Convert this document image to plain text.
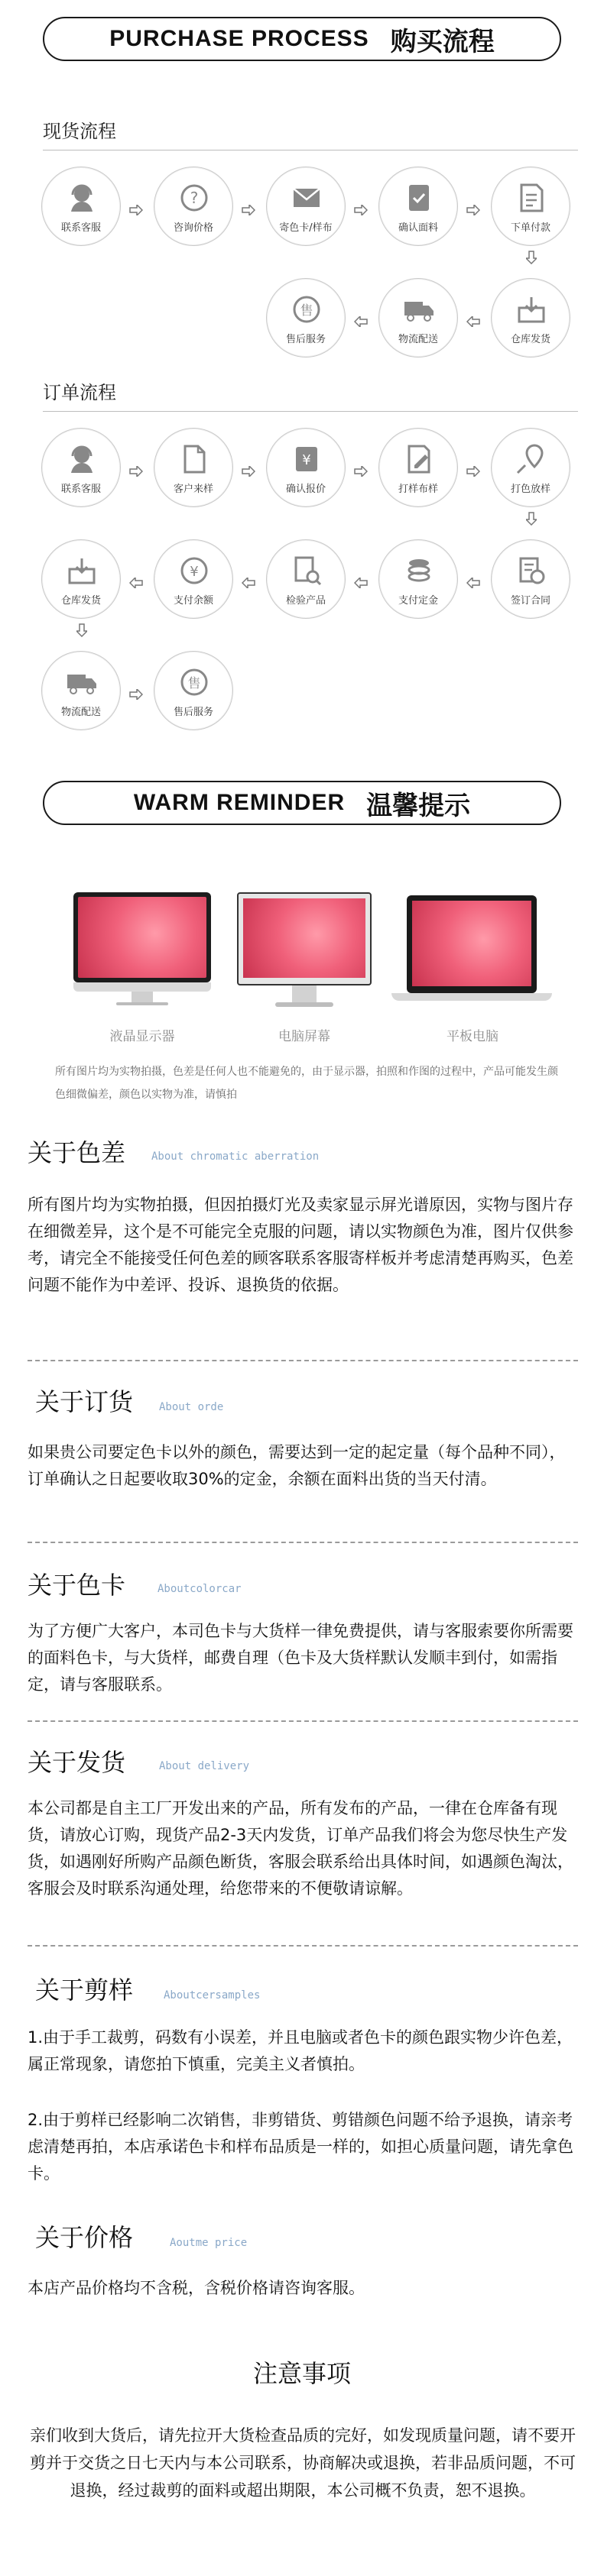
PURCHASE PROCESS 购买流程
现货流程
联系客服
?
咨询价格	寄色卡/样布	确认面料	下单付款
仓库发货
物流配送
售
售后服务
订单流程
联系客服	客户来样
¥
确认报价	打样布样	打色放样
签订合同
支付定金
检验产品
¥
支付余额
仓库发货
物流配送
售
售后服务
WARM REMINDER 温馨提示
液晶显示器	电脑屏幕	平板电脑
所有图片均为实物拍摄，色差是任何人也不能避免的，由于显示器，拍照和作图的过程中，产品可能发生颜色细微偏差，颜色以实物为准，请慎拍
关于色差 About chromatic aberration
所有图片均为实物拍摄，但因拍摄灯光及卖家显示屏光谱原因，实物与图片存在细微差异，这个是不可能完全克服的问题，请以实物颜色为准，图片仅供参考，请完全不能接受任何色差的顾客联系客服寄样板并考虑清楚再购买，色差问题不能作为中差评、投诉、退换货的依据。
关于订货 About orde
如果贵公司要定色卡以外的颜色，需要达到一定的起定量（每个品种不同），订单确认之日起要收取30%的定金，余额在面料出货的当天付清。
关于色卡	Aboutcolorcar
为了方便广大客户，本司色卡与大货样一律免费提供，请与客服索要你所需要的面料色卡，与大货样，邮费自理（色卡及大货样默认发顺丰到付，如需指定，请与客服联系。
关于发货	About delivery
本公司都是自主工厂开发出来的产品，所有发布的产品，一律在仓库备有现货，请放心订购，现货产品2-3天内发货，订单产品我们将会为您尽快生产发货，如遇刚好所购产品颜色断货，客服会联系给出具体时间，如遇颜色淘汰，客服会及时联系沟通处理，给您带来的不便敬请谅解。
关于剪样	Aboutcersamples
1.由于手工裁剪，码数有小误差，并且电脑或者色卡的颜色跟实物少许色差，属正常现象，请您拍下慎重，完美主义者慎拍。
2.由于剪样已经影响二次销售，非剪错货、剪错颜色问题不给予退换，请亲考虑清楚再拍，本店承诺色卡和样布品质是一样的，如担心质量问题，请先拿色卡。
关于价格	Aoutme price
本店产品价格均不含税，含税价格请咨询客服。
注意事项
亲们收到大货后，请先拉开大货检查品质的完好，如发现质量问题，请不要开剪并于交货之日七天内与本公司联系，协商解决或退换，若非品质问题，不可退换，经过裁剪的面料或超出期限，本公司概不负责，恕不退换。
